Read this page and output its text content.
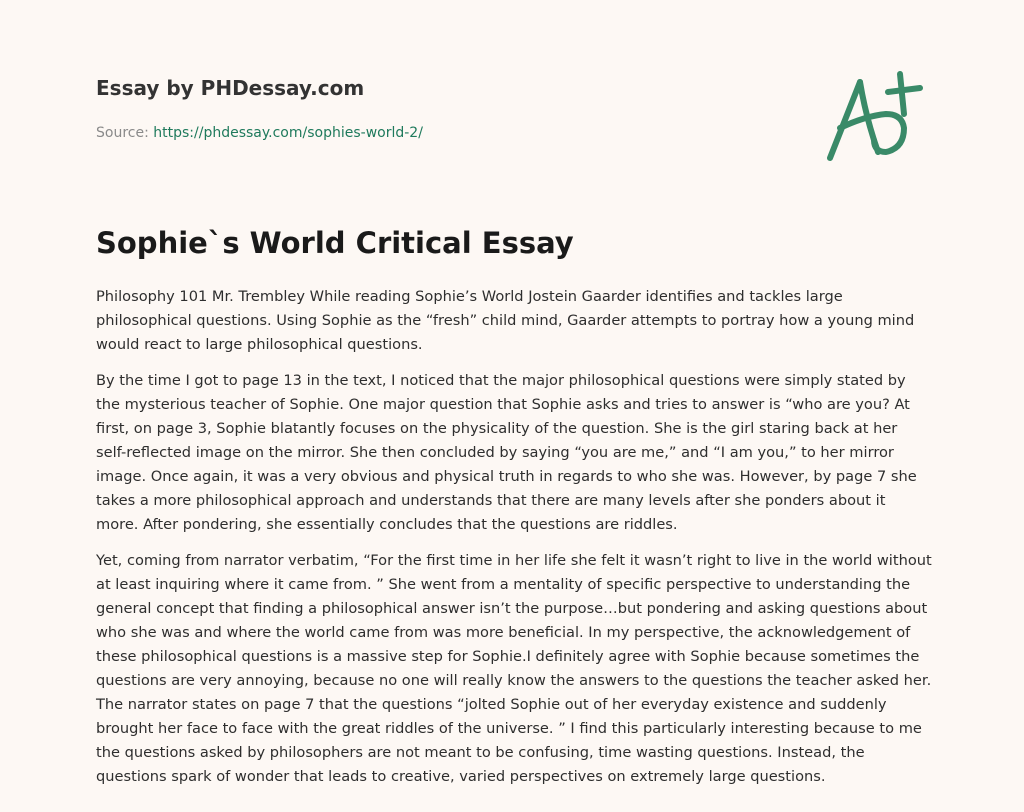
Essay by PHDessay.com
Source: https://phdessay.com/sophies-world-2/
Sophie`s World Critical Essay

Philosophy 101 Mr. Trembley While reading Sophie’s World Jostein Gaarder identifies and tackles large philosophical questions. Using Sophie as the “fresh” child mind, Gaarder attempts to portray how a young mind would react to large philosophical questions.

By the time I got to page 13 in the text, I noticed that the major philosophical questions were simply stated by the mysterious teacher of Sophie. One major question that Sophie asks and tries to answer is “who are you? At first, on page 3, Sophie blatantly focuses on the physicality of the question. She is the girl staring back at her self-reflected image on the mirror. She then concluded by saying “you are me,” and “I am you,” to her mirror image. Once again, it was a very obvious and physical truth in regards to who she was. However, by page 7 she takes a more philosophical approach and understands that there are many levels after she ponders about it more. After pondering, she essentially concludes that the questions are riddles.

Yet, coming from narrator verbatim, “For the first time in her life she felt it wasn’t right to live in the world without at least inquiring where it came from. ” She went from a mentality of specific perspective to understanding the general concept that finding a philosophical answer isn’t the purpose…but pondering and asking questions about who she was and where the world came from was more beneficial. In my perspective, the acknowledgement of these philosophical questions is a massive step for Sophie.I definitely agree with Sophie because sometimes the questions are very annoying, because no one will really know the answers to the questions the teacher asked her. The narrator states on page 7 that the questions “jolted Sophie out of her everyday existence and suddenly brought her face to face with the great riddles of the universe. ” I find this particularly interesting because to me the questions asked by philosophers are not meant to be confusing, time wasting questions. Instead, the questions spark of wonder that leads to creative, varied perspectives on extremely large questions.
